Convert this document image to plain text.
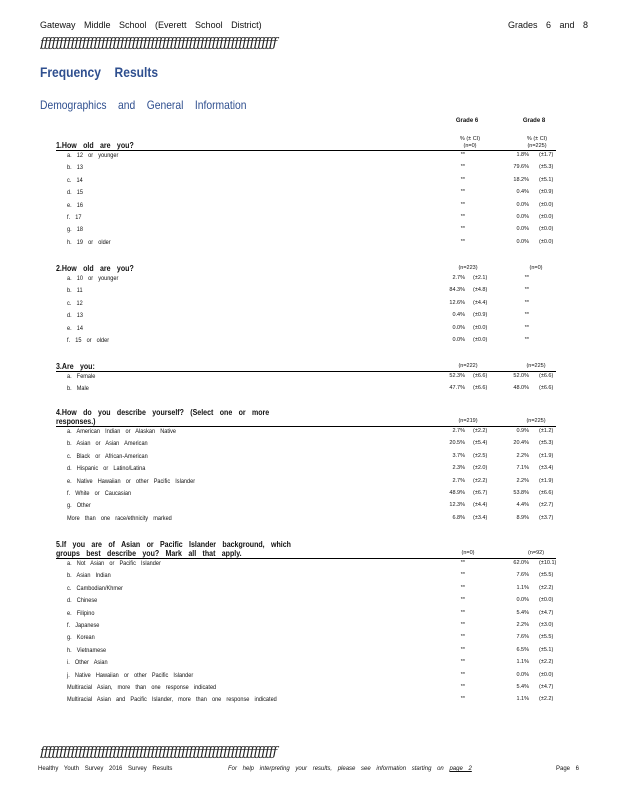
Gateway Middle School (Everett School District)	Grades 6 and 8
ƒƒƒƒƒƒƒƒƒƒƒƒƒƒƒƒƒƒƒƒƒƒƒƒƒƒƒƒƒƒƒƒƒƒƒƒƒƒƒƒƒƒƒƒƒƒƒƒƒƒƒƒƒƒƒƒƒƒƒƒƒƒ
Frequency Results
Demographics and General Information
Grade 6	Grade 8
1.How old are you?
% (± CI)	% (± CI)
(n=0)	(n=225)
a. 12 or younger	**	1.8% (±1.7)
b. 13	**	79.6% (±5.3)
c. 14	**	18.2% (±5.1)
d. 15	**	0.4% (±0.9)
e. 16	**	0.0% (±0.0)
f. 17	**	0.0% (±0.0)
g. 18	**	0.0% (±0.0)
h. 19 or older	**	0.0% (±0.0)
2.How old are you?	(n=223)	(n=0)
a. 10 or younger	2.7% (±2.1)	**
b. 11	84.3% (±4.8)	**
c. 12	12.6% (±4.4)	**
d. 13	0.4% (±0.9)	**
e. 14	0.0% (±0.0)	**
f. 15 or older	0.0% (±0.0)	**
3.Are you:	(n=222)	(n=225)
a. Female	52.3% (±6.6)	52.0% (±6.6)
b. Male	47.7% (±6.6)	48.0% (±6.6)
4.How do you describe yourself? (Select one or more
responses.)	(n=219)	(n=225)
a. American Indian or Alaskan Native	2.7% (±2.2)	0.9% (±1.2)
b. Asian or Asian American	20.5% (±5.4)	20.4% (±5.3)
c. Black or African-American	3.7% (±2.5)	2.2% (±1.9)
d. Hispanic or Latino/Latina	2.3% (±2.0)	7.1% (±3.4)
e. Native Hawaiian or other Pacific Islander	2.7% (±2.2)	2.2% (±1.9)
f. White or Caucasian	48.9% (±6.7)	53.8% (±6.6)
g. Other	12.3% (±4.4)	4.4% (±2.7)
More than one race/ethnicity marked	6.8% (±3.4)	8.9% (±3.7)
5.If you are of Asian or Pacific Islander background, which
groups best describe you? Mark all that apply.	(n=0)	(n=92)
a. Not Asian or Pacific Islander	**	62.0% (±10.1)
b. Asian Indian	**	7.6% (±5.5)
c. Cambodian/Khmer	**	1.1% (±2.2)
d. Chinese	**	0.0% (±0.0)
e. Filipino	**	5.4% (±4.7)
f. Japanese	**	2.2% (±3.0)
g. Korean	**	7.6% (±5.5)
h. Vietnamese	**	6.5% (±5.1)
i. Other Asian	**	1.1% (±2.2)
j. Native Hawaiian or other Pacific Islander	**	0.0% (±0.0)
Multiracial Asian, more than one response indicated	**	5.4% (±4.7)
Multiracial Asian and Pacific Islander, more than one response indicated	**	1.1% (±2.2)
ƒƒƒƒƒƒƒƒƒƒƒƒƒƒƒƒƒƒƒƒƒƒƒƒƒƒƒƒƒƒƒƒƒƒƒƒƒƒƒƒƒƒƒƒƒƒƒƒƒƒƒƒƒƒƒƒƒƒƒƒƒƒ
Healthy Youth Survey 2016 Survey Results	For help interpreting your results, please see information starting on page 2	Page 6
